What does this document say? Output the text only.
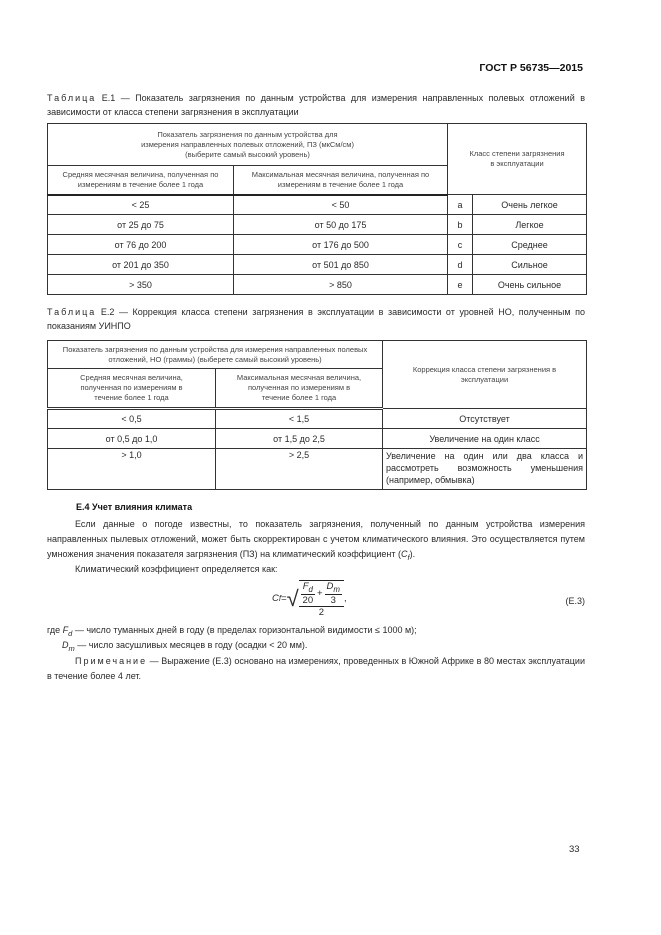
ГОСТ Р 56735—2015
Таблица Е.1 — Показатель загрязнения по данным устройства для измерения направленных полевых отложений в зависимости от класса степени загрязнения в эксплуатации
Показатель загрязнения по данным устройства для измерения направленных полевых отложений, ПЗ (мкСм/см) (выберите самый высокий уровень)		Класс степени загрязнения в эксплуатации	
Средняя месячная величина, полученная по измерениям в течение более 1 года	Максимальная месячная величина, полученная по измерениям в течение более 1 года		
< 25	< 50	a	Очень легкое
от 25 до 75	от 50 до 175	b	Легкое
от 76 до 200	от 176 до 500	c	Среднее
от 201 до 350	от 501 до 850	d	Сильное
> 350	> 850	e	Очень сильное
Таблица Е.2 — Коррекция класса степени загрязнения в эксплуатации в зависимости от уровней НО, полученным по показаниям УИНПО
Показатель загрязнения по данным устройства для измерения направленных полевых отложений, НО (граммы) (выберете самый высокий уровень)		Коррекция класса степени загрязнения в эксплуатации
Средняя месячная величина, полученная по измерениям в течение более 1 года	Максимальная месячная величина, полученная по измерениям в течение более 1 года	
< 0,5	< 1,5	Отсутствует
от 0,5 до 1,0	от 1,5 до 2,5	Увеличение на один класс
> 1,0	> 2,5	Увеличение на один или два класса и рассмотреть возможность уменьшения (например, обмывка)
Е.4 Учет влияния климата
Если данные о погоде известны, то показатель загрязнения, полученный по данным устройства измерения направленных пылевых отложений, может быть скорректирован с учетом климатического влияния. Это осуществляется путем умножения значения показателя загрязнения (ПЗ) на климатический коэффициент $(C_f)$.
Климатический коэффициент определяется как:
C f = √ $\frac{\frac{F_d}{20} + \frac{D_m}{3}}{2}$ ,	(Е.3)
где $F_d$ — число туманных дней в году (в пределах горизонтальной видимости ≤ 1000 м);
$D_m$ — число засушливых месяцев в году (осадки < 20 мм).
Примечание — Выражение (Е.3) основано на измерениях, проведенных в Южной Африке в 80 местах эксплуатации в течение более 4 лет.
33
